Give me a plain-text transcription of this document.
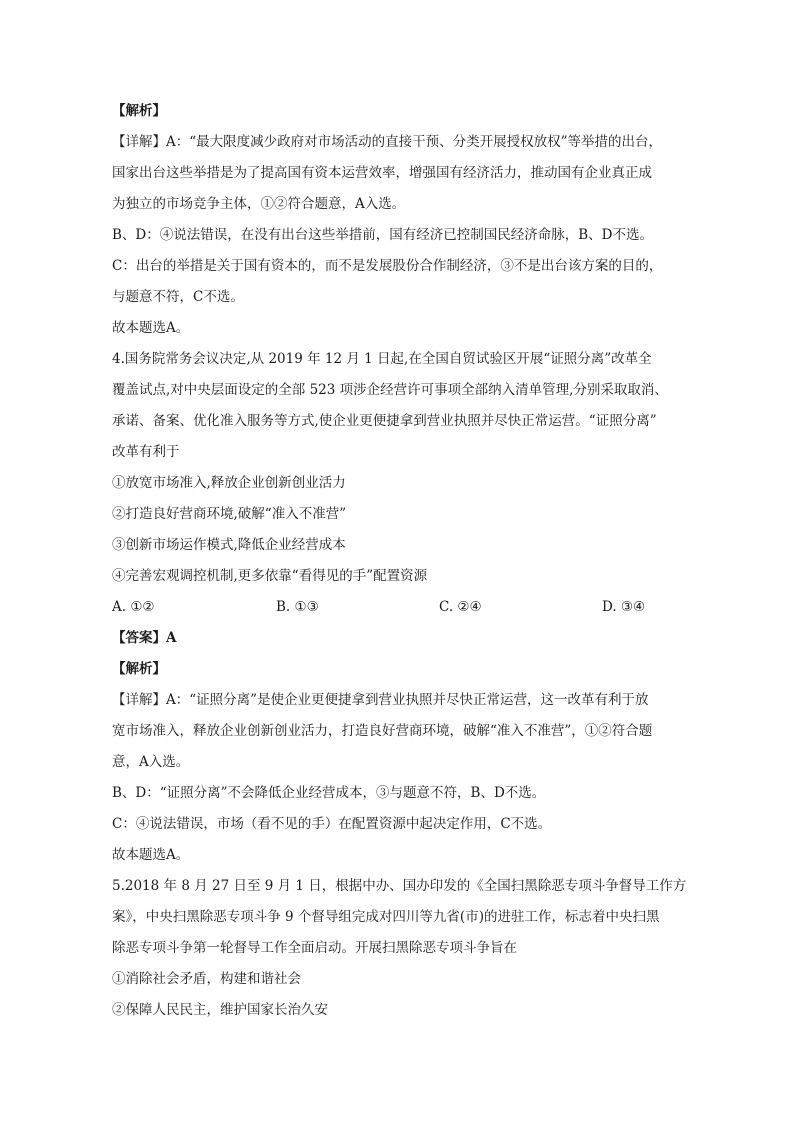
【解析】
【详解】A：“最大限度减少政府对市场活动的直接干预、分类开展授权放权”等举措的出台，
国家出台这些举措是为了提高国有资本运营效率，增强国有经济活力，推动国有企业真正成
为独立的市场竞争主体，①②符合题意，A入选。
B、D：④说法错误，在没有出台这些举措前，国有经济已控制国民经济命脉，B、D不选。
C：出台的举措是关于国有资本的，而不是发展股份合作制经济，③不是出台该方案的目的，
与题意不符，C不选。
故本题选A。
4.国务院常务会议决定,从 2019 年 12 月 1 日起,在全国自贸试验区开展“证照分离”改革全
覆盖试点,对中央层面设定的全部 523 项涉企经营许可事项全部纳入清单管理,分别采取取消、
承诺、备案、优化准入服务等方式,使企业更便捷拿到营业执照并尽快正常运营。“证照分离”
改革有利于
①放宽市场准入,释放企业创新创业活力
②打造良好营商环境,破解“准入不准营”
③创新市场运作模式,降低企业经营成本
④完善宏观调控机制,更多依靠“看得见的手”配置资源
A. ①②	B. ①③	C. ②④	D. ③④
【答案】A
【解析】
【详解】A：“证照分离”是使企业更便捷拿到营业执照并尽快正常运营，这一改革有利于放
宽市场准入，释放企业创新创业活力，打造良好营商环境，破解“准入不准营”，①②符合题
意，A入选。
B、D：“证照分离”不会降低企业经营成本，③与题意不符，B、D不选。
C：④说法错误，市场（看不见的手）在配置资源中起决定作用，C不选。
故本题选A。
5.2018 年 8 月 27 日至 9 月 1 日，根据中办、国办印发的《全国扫黑除恶专项斗争督导工作方
案》，中央扫黑除恶专项斗争 9 个督导组完成对四川等九省(市)的进驻工作，标志着中央扫黑
除恶专项斗争第一轮督导工作全面启动。开展扫黑除恶专项斗争旨在
①消除社会矛盾，构建和谐社会
②保障人民民主，维护国家长治久安
